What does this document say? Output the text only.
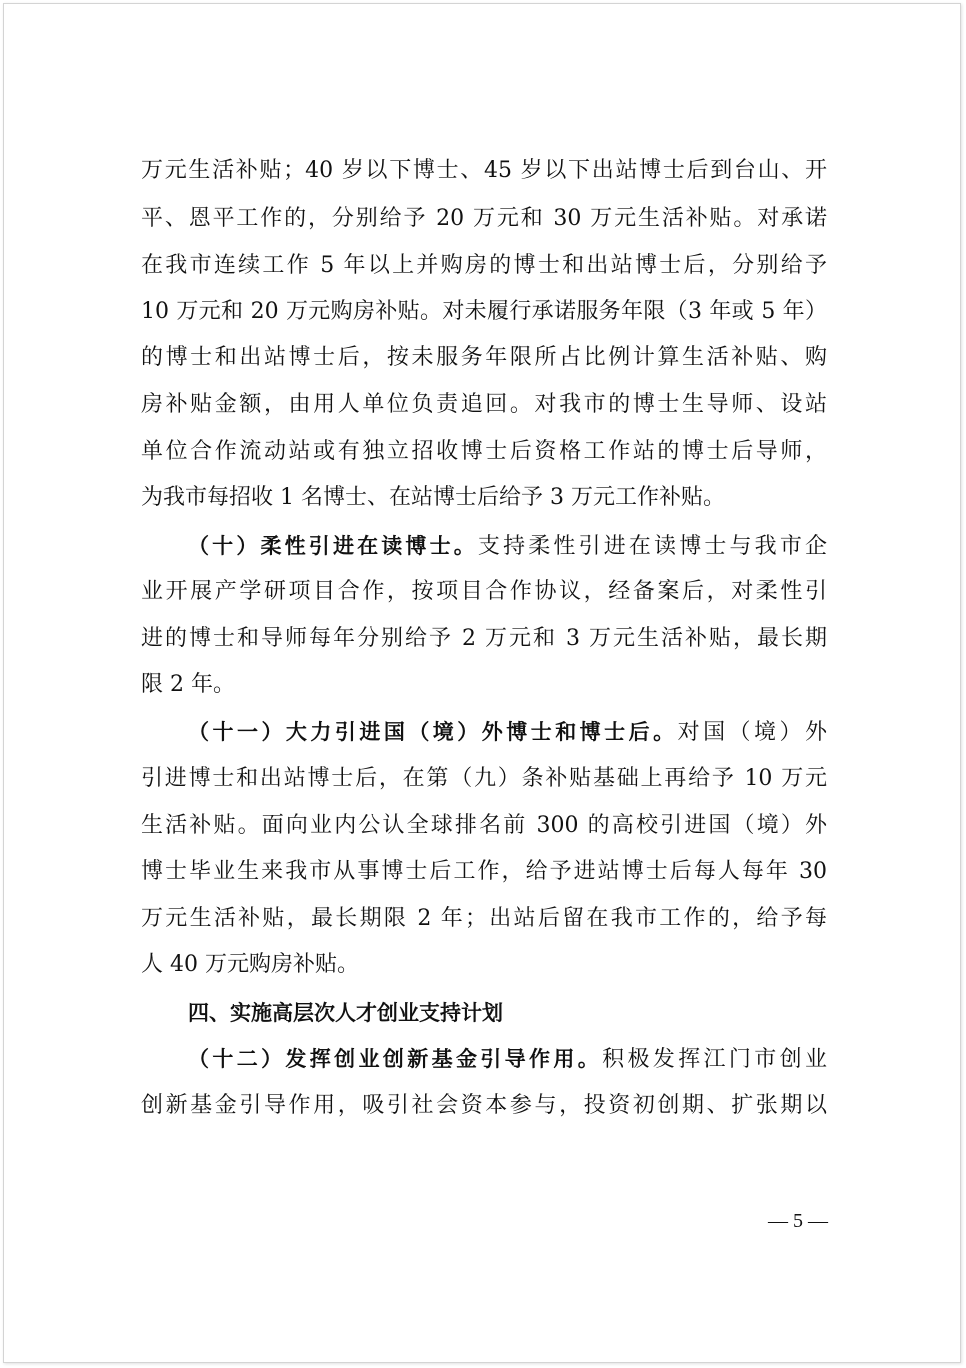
万元生活补贴；40 岁以下博士、45 岁以下出站博士后到台山、开
平、恩平工作的，分别给予 20 万元和 30 万元生活补贴。对承诺
在我市连续工作 5 年以上并购房的博士和出站博士后，分别给予
10 万元和 20 万元购房补贴。对未履行承诺服务年限（3 年或 5 年）
的博士和出站博士后，按未服务年限所占比例计算生活补贴、购
房补贴金额，由用人单位负责追回。对我市的博士生导师、设站
单位合作流动站或有独立招收博士后资格工作站的博士后导师，
为我市每招收 1 名博士、在站博士后给予 3 万元工作补贴。
（十）柔性引进在读博士。支持柔性引进在读博士与我市企
业开展产学研项目合作，按项目合作协议，经备案后，对柔性引
进的博士和导师每年分别给予 2 万元和 3 万元生活补贴，最长期
限 2 年。
（十一）大力引进国（境）外博士和博士后。对国（境）外
引进博士和出站博士后，在第（九）条补贴基础上再给予 10 万元
生活补贴。面向业内公认全球排名前 300 的高校引进国（境）外
博士毕业生来我市从事博士后工作，给予进站博士后每人每年 30
万元生活补贴，最长期限 2 年；出站后留在我市工作的，给予每
人 40 万元购房补贴。
四、实施高层次人才创业支持计划
（十二）发挥创业创新基金引导作用。积极发挥江门市创业
创新基金引导作用，吸引社会资本参与，投资初创期、扩张期以
— 5 —
